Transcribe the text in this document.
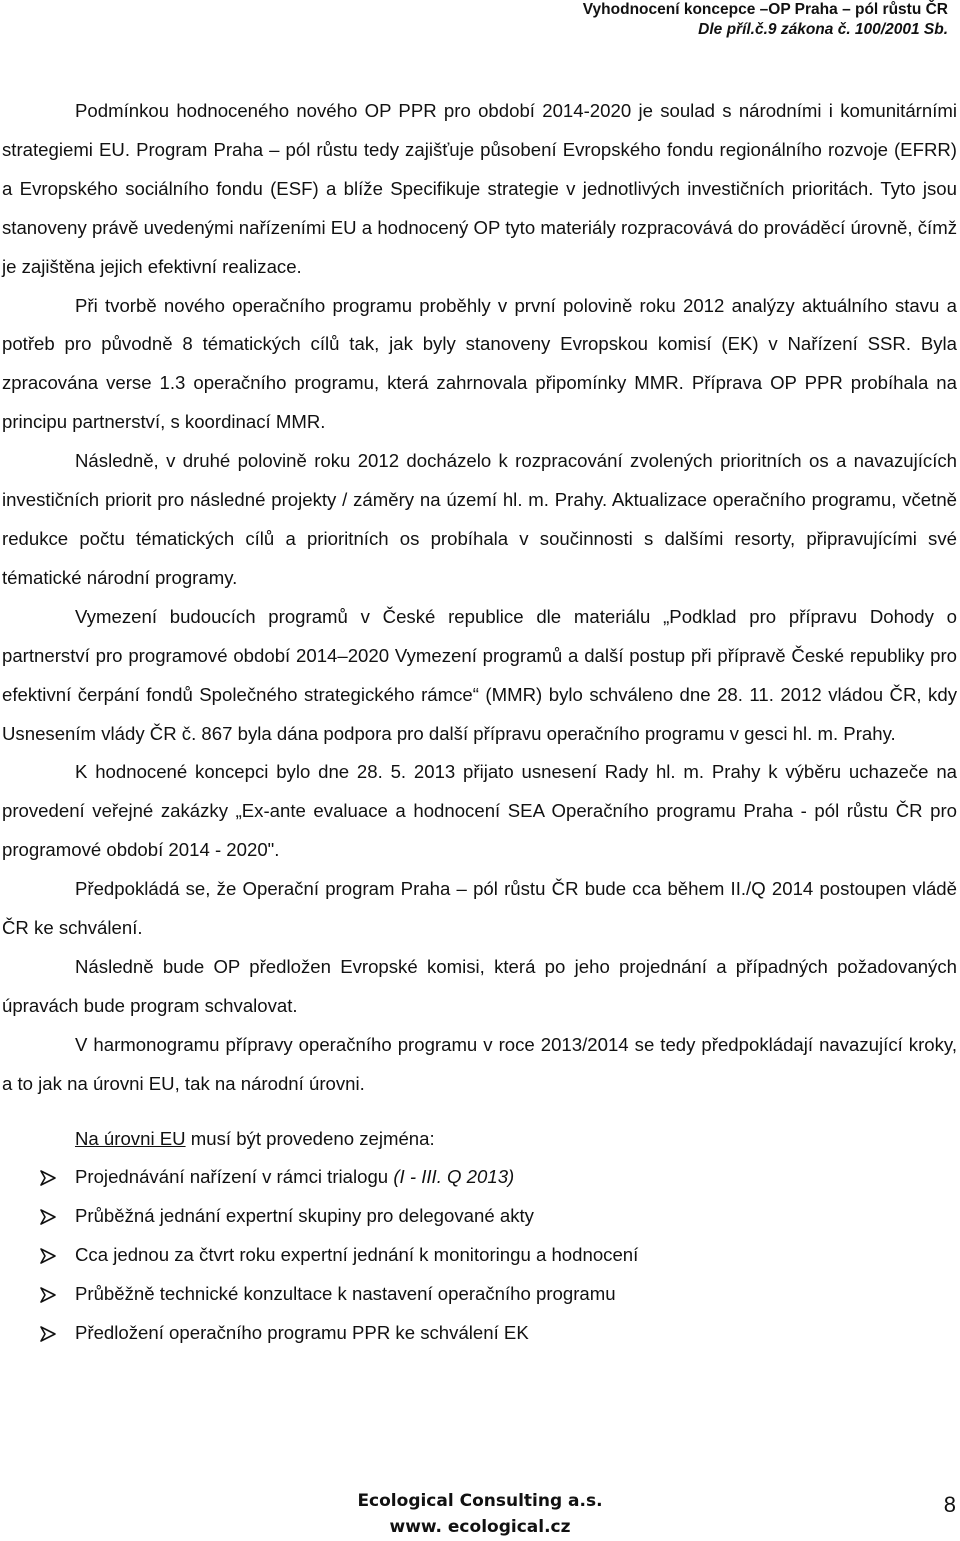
Vyhodnocení koncepce –OP Praha – pól růstu ČR
Dle příl.č.9 zákona č. 100/2001 Sb.

Podmínkou hodnoceného nového OP PPR pro období 2014-2020 je soulad s národními i komunitárními strategiemi EU. Program Praha – pól růstu tedy zajišťuje působení Evropského fondu regionálního rozvoje (EFRR) a Evropského sociálního fondu (ESF) a blíže Specifikuje strategie v jednotlivých investičních prioritách. Tyto jsou stanoveny právě uvedenými nařízeními EU a hodnocený OP tyto materiály rozpracovává do prováděcí úrovně, čímž je zajištěna jejich efektivní realizace.

Při tvorbě nového operačního programu proběhly v první polovině roku 2012 analýzy aktuálního stavu a potřeb pro původně 8 tématických cílů tak, jak byly stanoveny Evropskou komisí (EK) v Nařízení SSR. Byla zpracována verse 1.3 operačního programu, která zahrnovala připomínky MMR. Příprava OP PPR probíhala na principu partnerství, s koordinací MMR.

Následně, v druhé polovině roku 2012 docházelo k rozpracování zvolených prioritních os a navazujících investičních priorit pro následné projekty / záměry na území hl. m. Prahy. Aktualizace operačního programu, včetně redukce počtu tématických cílů a prioritních os probíhala v součinnosti s dalšími resorty, připravujícími své tématické národní programy.

Vymezení budoucích programů v České republice dle materiálu „Podklad pro přípravu Dohody o partnerství pro programové období 2014–2020 Vymezení programů a další postup při přípravě České republiky pro efektivní čerpání fondů Společného strategického rámce“ (MMR) bylo schváleno dne 28. 11. 2012 vládou ČR, kdy Usnesením vlády ČR č. 867 byla dána podpora pro další přípravu operačního programu v gesci hl. m. Prahy.

K hodnocené koncepci bylo dne 28. 5. 2013 přijato usnesení Rady hl. m. Prahy k výběru uchazeče na provedení veřejné zakázky „Ex-ante evaluace a hodnocení SEA Operačního programu Praha - pól růstu ČR pro programové období 2014 - 2020".

Předpokládá se, že Operační program Praha – pól růstu ČR bude cca během II./Q 2014 postoupen vládě ČR ke schválení.

Následně bude OP předložen Evropské komisi, která po jeho projednání a případných požadovaných úpravách bude program schvalovat.

V harmonogramu přípravy operačního programu v roce 2013/2014 se tedy předpokládají navazující kroky, a to jak na úrovni EU, tak na národní úrovni.

Na úrovni EU musí být provedeno zejména:

Projednávání nařízení v rámci trialogu (I - III. Q 2013)
Průběžná jednání expertní skupiny pro delegované akty
Cca jednou za čtvrt roku expertní jednání k monitoringu a hodnocení
Průběžně technické konzultace k nastavení operačního programu
Předložení operačního programu PPR ke schválení EK
Ecological Consulting a.s.
www. ecological.cz
8
